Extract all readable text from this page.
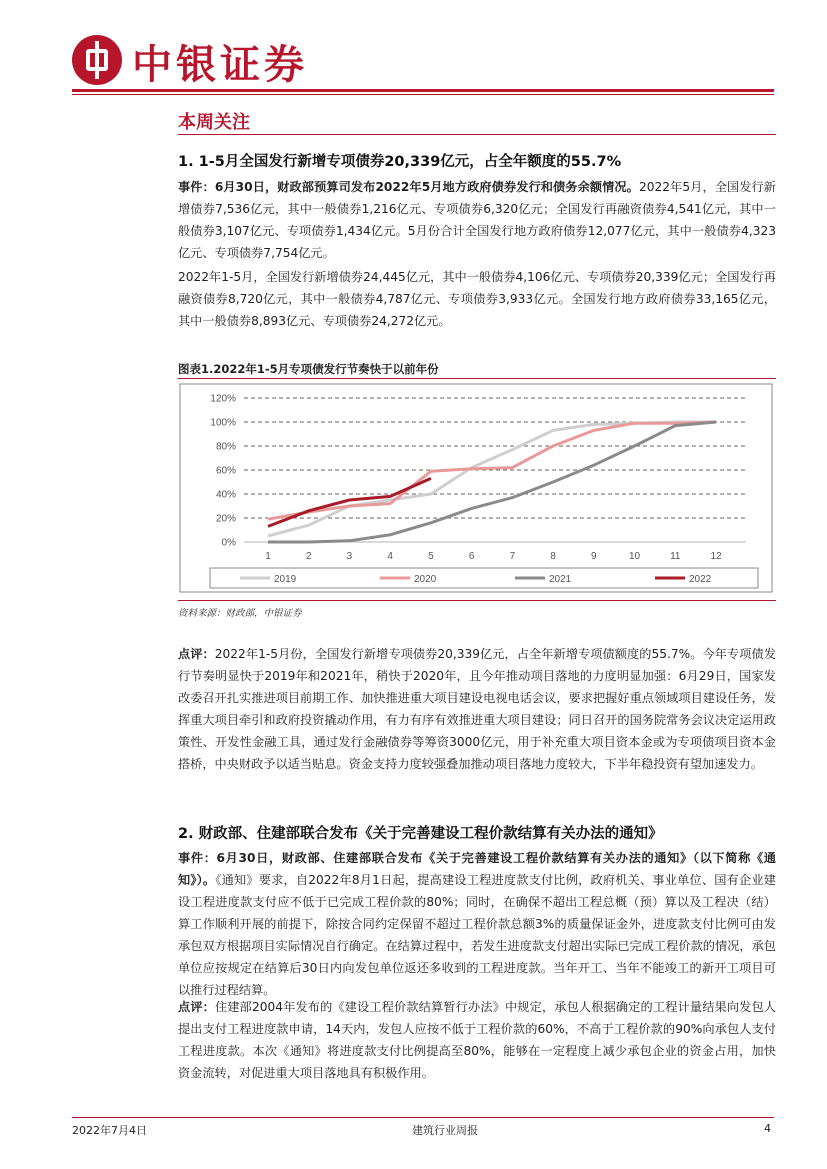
中银证券
本周关注
1. 1-5月全国发行新增专项债券20,339亿元，占全年额度的55.7%
事件：6月30日，财政部预算司发布2022年5月地方政府债券发行和债务余额情况。2022年5月，全国发行新增债券7,536亿元，其中一般债券1,216亿元、专项债券6,320亿元；全国发行再融资债券4,541亿元，其中一般债券3,107亿元、专项债券1,434亿元。5月份合计全国发行地方政府债券12,077亿元，其中一般债券4,323亿元、专项债券7,754亿元。
2022年1-5月，全国发行新增债券24,445亿元，其中一般债券4,106亿元、专项债券20,339亿元；全国发行再融资债券8,720亿元，其中一般债券4,787亿元、专项债券3,933亿元。全国发行地方政府债券33,165亿元，其中一般债券8,893亿元、专项债券24,272亿元。
图表1.2022年1-5月专项债发行节奏快于以前年份
0%
20%
40%
60%
80%
100%
120%
1	2	3	4	5	6	7	8	9	10	11	12
2019	2020	2021	2022
资料来源：财政部，中银证券
点评：2022年1-5月份，全国发行新增专项债券20,339亿元，占全年新增专项债额度的55.7%。今年专项债发行节奏明显快于2019年和2021年，稍快于2020年，且今年推动项目落地的力度明显加强：6月29日，国家发改委召开扎实推进项目前期工作、加快推进重大项目建设电视电话会议，要求把握好重点领域项目建设任务，发挥重大项目牵引和政府投资撬动作用，有力有序有效推进重大项目建设；同日召开的国务院常务会议决定运用政策性、开发性金融工具，通过发行金融债券等筹资3000亿元，用于补充重大项目资本金或为专项债项目资本金搭桥，中央财政予以适当贴息。资金支持力度较强叠加推动项目落地力度较大，下半年稳投资有望加速发力。
2. 财政部、住建部联合发布《关于完善建设工程价款结算有关办法的通知》
事件：6月30日，财政部、住建部联合发布《关于完善建设工程价款结算有关办法的通知》（以下简称《通知》）。《通知》要求，自2022年8月1日起，提高建设工程进度款支付比例，政府机关、事业单位、国有企业建设工程进度款支付应不低于已完成工程价款的80%；同时，在确保不超出工程总概（预）算以及工程决（结）算工作顺利开展的前提下，除按合同约定保留不超过工程价款总额3%的质量保证金外，进度款支付比例可由发承包双方根据项目实际情况自行确定。在结算过程中，若发生进度款支付超出实际已完成工程价款的情况，承包单位应按规定在结算后30日内向发包单位返还多收到的工程进度款。当年开工、当年不能竣工的新开工项目可以推行过程结算。
点评：住建部2004年发布的《建设工程价款结算暂行办法》中规定，承包人根据确定的工程计量结果向发包人提出支付工程进度款申请，14天内，发包人应按不低于工程价款的60%，不高于工程价款的90%向承包人支付工程进度款。本次《通知》将进度款支付比例提高至80%，能够在一定程度上减少承包企业的资金占用，加快资金流转，对促进重大项目落地具有积极作用。
2022年7月4日	建筑行业周报	4
